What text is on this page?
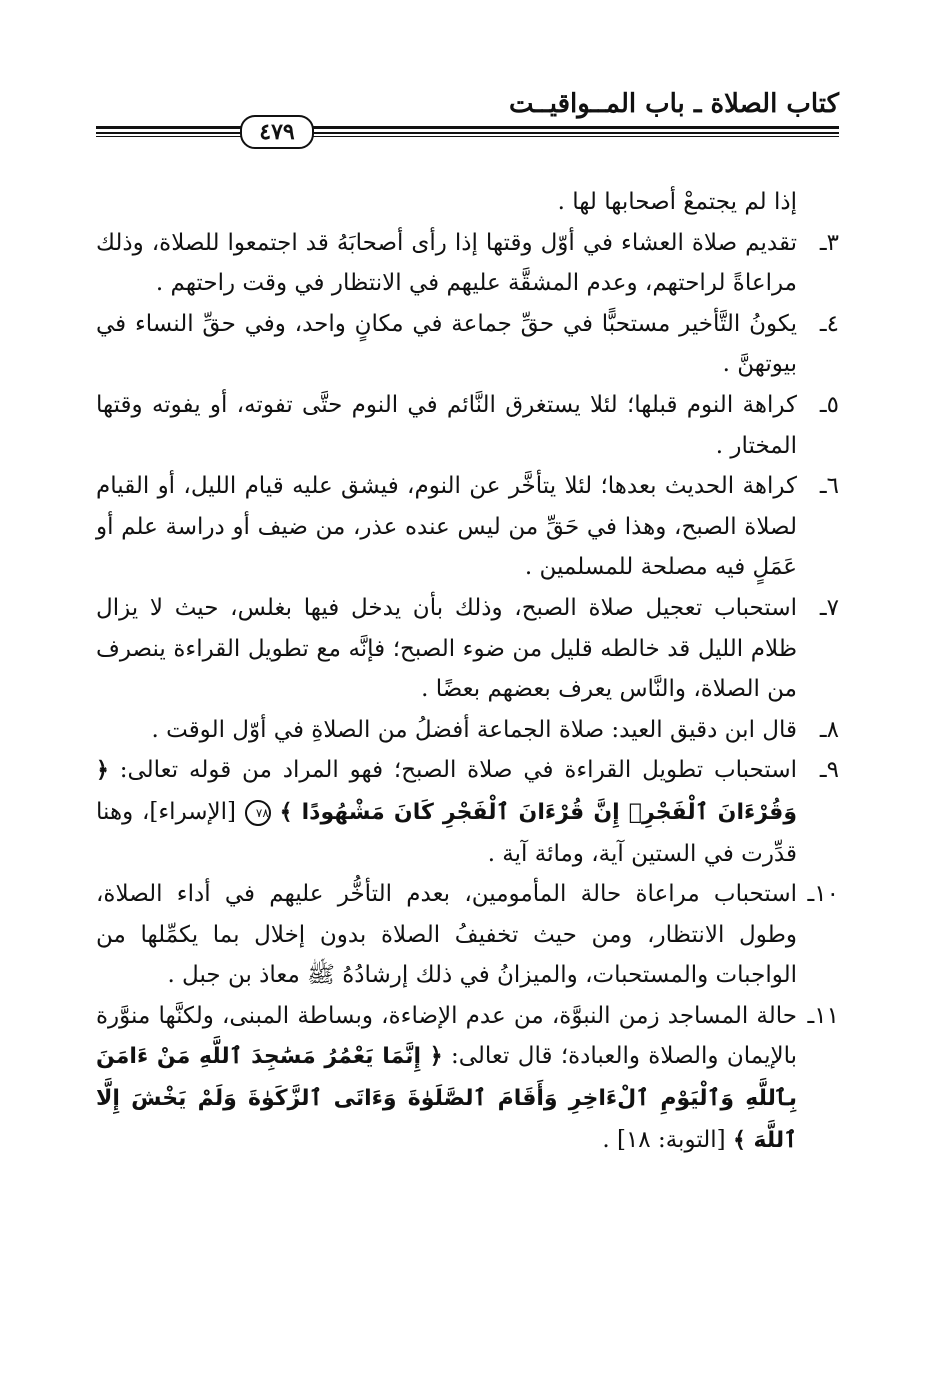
كتاب الصلاة ـ باب المــواقيــت
٤٧٩

إذا لم يجتمعْ أصحابها لها .

٣ـ
تقديم صلاة العشاء في أوّل وقتها إذا رأى أصحابَهُ قد اجتمعوا للصلاة، وذلك مراعاةً لراحتهم، وعدم المشقَّة عليهم في الانتظار في وقت راحتهم .

٤ـ
يكونُ التَّأخير مستحبًّا في حقِّ جماعة في مكانٍ واحد، وفي حقِّ النساء في بيوتهنَّ .

٥ـ
كراهة النوم قبلها؛ لئلا يستغرق النَّائم في النوم حتَّى تفوته، أو يفوته وقتها المختار .

٦ـ
كراهة الحديث بعدها؛ لئلا يتأخَّر عن النوم، فيشق عليه قيام الليل، أو القيام لصلاة الصبح، وهذا في حَقِّ من ليس عنده عذر، من ضيف أو دراسة علم أو عَمَلٍ فيه مصلحة للمسلمين .

٧ـ
استحباب تعجيل صلاة الصبح، وذلك بأن يدخل فيها بغلس، حيث لا يزال ظلام الليل قد خالطه قليل من ضوء الصبح؛ فإنَّه مع تطويل القراءة ينصرف من الصلاة، والنَّاس يعرف بعضهم بعضًا .

٨ـ
قال ابن دقيق العيد: صلاة الجماعة أفضلُ من الصلاةِ في أوّل الوقت .

٩ـ
استحباب تطويل القراءة في صلاة الصبح؛ فهو المراد من قوله تعالى: ﴿ وَقُرْءَانَ ٱلْفَجْرِۖ إِنَّ قُرْءَانَ ٱلْفَجْرِ كَانَ مَشْهُودًا ﴾ ٧٨ [الإسراء]، وهنا قدِّرت في الستين آية، ومائة آية .

١٠ـ
استحباب مراعاة حالة المأمومين، بعدم التأخُّر عليهم في أداء الصلاة، وطول الانتظار، ومن حيث تخفيفُ الصلاة بدون إخلال بما يكمِّلها من الواجبات والمستحبات، والميزانُ في ذلك إرشادُهُ ﷺ معاذ بن جبل .

١١ـ
حالة المساجد زمن النبوَّة، من عدم الإضاءة، وبساطة المبنى، ولكنَّها منوَّرة بالإيمان والصلاة والعبادة؛ قال تعالى: ﴿ إِنَّمَا يَعْمُرُ مَسَٰجِدَ ٱللَّهِ مَنْ ءَامَنَ بِٱللَّهِ وَٱلْيَوْمِ ٱلْءَاخِرِ وَأَقَامَ ٱلصَّلَوٰةَ وَءَاتَى ٱلزَّكَوٰةَ وَلَمْ يَخْشَ إِلَّا ٱللَّهَ ﴾ [التوبة: ١٨] .
